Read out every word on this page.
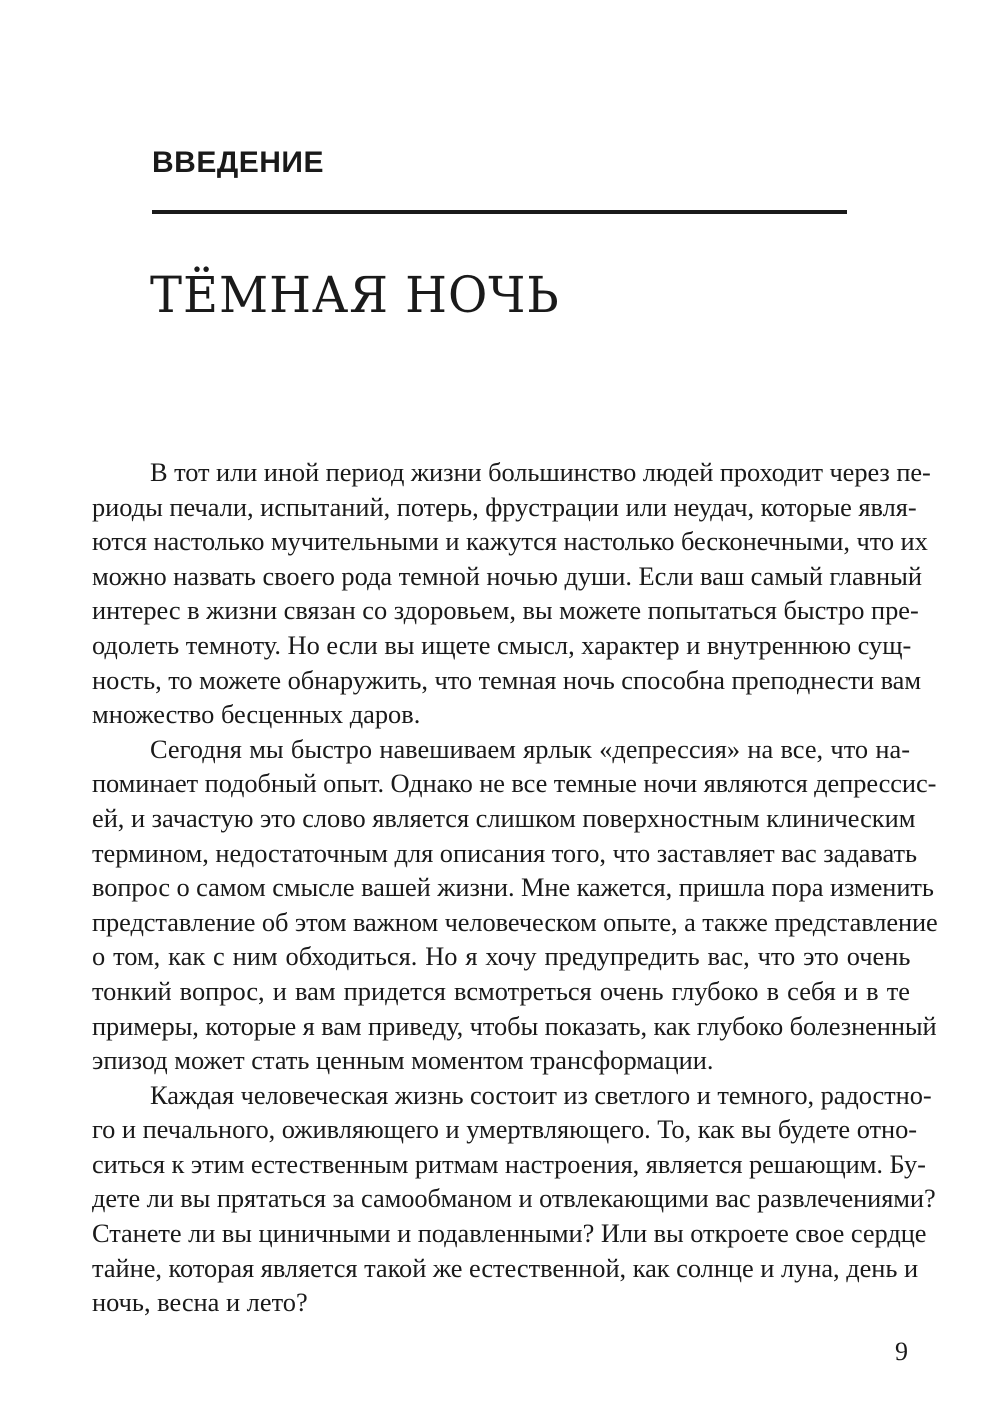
ВВЕДЕНИЕ
ТЁМНАЯ НОЧЬ
В тот или иной период жизни большинство людей проходит через пе-
риоды печали, испытаний, потерь, фрустрации или неудач, которые явля-
ются настолько мучительными и кажутся настолько бесконечными, что их
можно назвать своего рода темной ночью души. Если ваш самый главный
интерес в жизни связан со здоровьем, вы можете попытаться быстро пре-
одолеть темноту. Но если вы ищете смысл, характер и внутреннюю сущ-
ность, то можете обнаружить, что темная ночь способна преподнести вам
множество бесценных даров.
Сегодня мы быстро навешиваем ярлык «депрессия» на все, что на-
поминает подобный опыт. Однако не все темные ночи являются депрессис-
ей, и зачастую это слово является слишком поверхностным клиническим
термином, недостаточным для описания того, что заставляет вас задавать
вопрос о самом смысле вашей жизни. Мне кажется, пришла пора изменить
представление об этом важном человеческом опыте, а также представление
о том, как с ним обходиться. Но я хочу предупредить вас, что это очень
тонкий вопрос, и вам придется всмотреться очень глубоко в себя и в те
примеры, которые я вам приведу, чтобы показать, как глубоко болезненный
эпизод может стать ценным моментом трансформации.
Каждая человеческая жизнь состоит из светлого и темного, радостно-
го и печального, оживляющего и умертвляющего. То, как вы будете отно-
ситься к этим естественным ритмам настроения, является решающим. Бу-
дете ли вы прятаться за самообманом и отвлекающими вас развлечениями?
Станете ли вы циничными и подавленными? Или вы откроете свое сердце
тайне, которая является такой же естественной, как солнце и луна, день и
ночь, весна и лето?
9
